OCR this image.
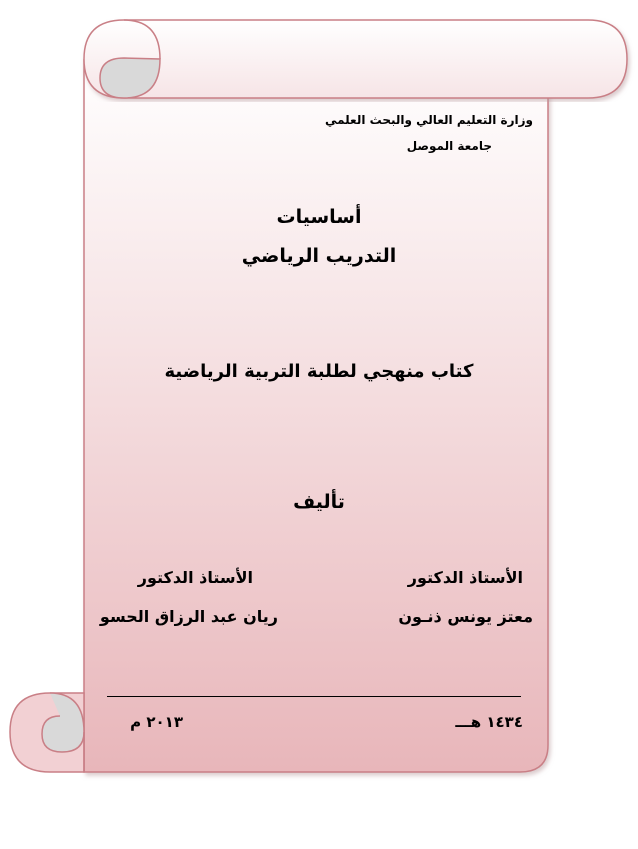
وزارة التعليم العالي والبحث العلمي
جامعة الموصل
أساسيات
التدريب الرياضي
كتاب منهجي لطلبة التربية الرياضية
تأليف
الأستاذ الدكتور
معتز يونس ذنـون
الأستاذ الدكتور
ريان عبد الرزاق الحسو
١٤٣٤ هـــ
٢٠١٣ م
